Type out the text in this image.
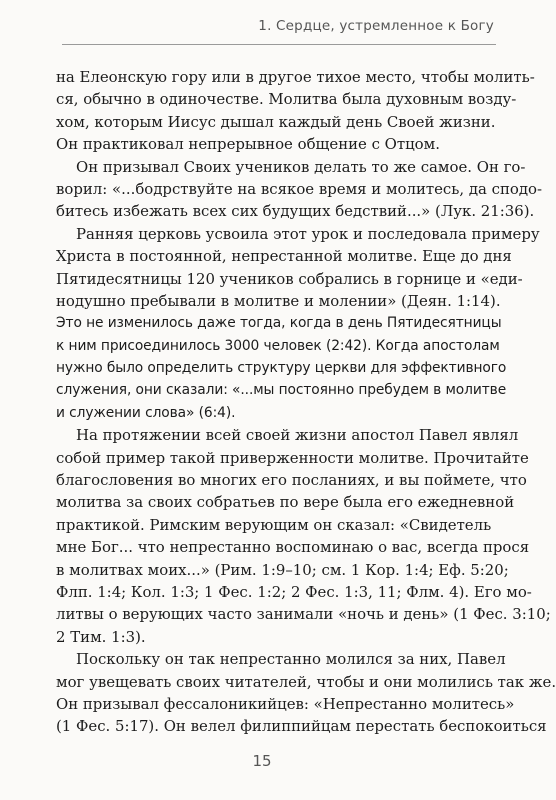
1. Сердце, устремленное к Богу
на Елеонскую гору или в другое тихое место, чтобы молить-
ся, обычно в одиночестве. Молитва была духовным возду-
хом, которым Иисус дышал каждый день Своей жизни.
Он практиковал непрерывное общение с Отцом.
Он призывал Своих учеников делать то же самое. Он го-
ворил: «...бодрствуйте на всякое время и молитесь, да сподо-
битесь избежать всех сих будущих бедствий...» (Лук. 21:36).
Ранняя церковь усвоила этот урок и последовала примеру
Христа в постоянной, непрестанной молитве. Еще до дня
Пятидесятницы 120 учеников собрались в горнице и «еди-
нодушно пребывали в молитве и молении» (Деян. 1:14).
Это не изменилось даже тогда, когда в день Пятидесятницы
к ним присоединилось 3000 человек (2:42). Когда апостолам
нужно было определить структуру церкви для эффективного
служения, они сказали: «...мы постоянно пребудем в молитве
и служении слова» (6:4).
На протяжении всей своей жизни апостол Павел являл
собой пример такой приверженности молитве. Прочитайте
благословения во многих его посланиях, и вы поймете, что
молитва за своих собратьев по вере была его ежедневной
практикой. Римским верующим он сказал: «Свидетель
мне Бог... что непрестанно воспоминаю о вас, всегда прося
в молитвах моих...» (Рим. 1:9–10; см. 1 Кор. 1:4; Еф. 5:20;
Флп. 1:4; Кол. 1:3; 1 Фес. 1:2; 2 Фес. 1:3, 11; Флм. 4). Его мо-
литвы о верующих часто занимали «ночь и день» (1 Фес. 3:10;
2 Тим. 1:3).
Поскольку он так непрестанно молился за них, Павел
мог увещевать своих читателей, чтобы и они молились так же.
Он призывал фессалоникийцев: «Непрестанно молитесь»
(1 Фес. 5:17). Он велел филиппийцам перестать беспокоиться
15
